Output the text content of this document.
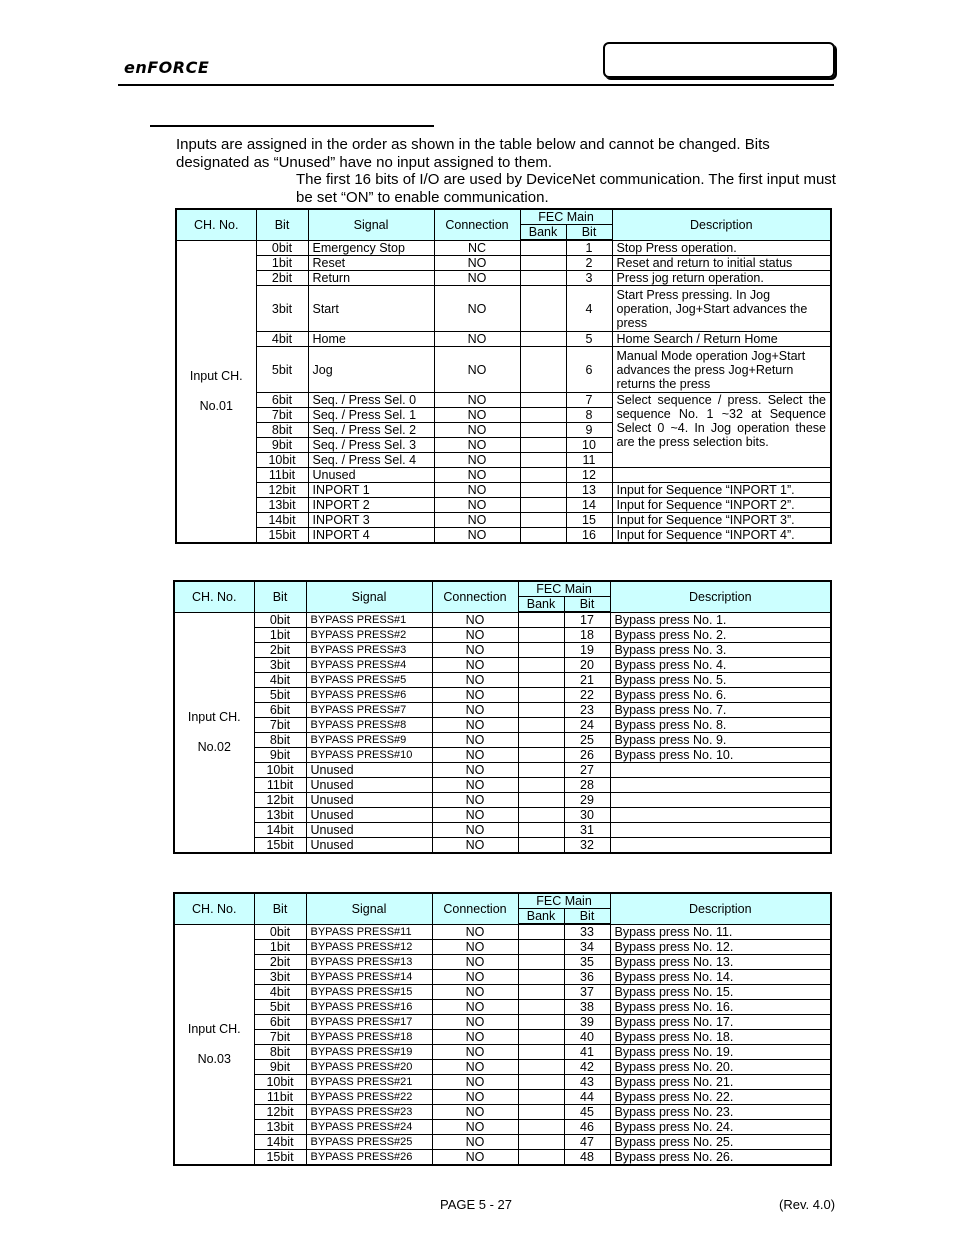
enFORCE

Inputs are assigned in the order as shown in the table below and cannot be changed. Bits designated as “Unused” have no input assigned to them.

The first 16 bits of I/O are used by DeviceNet communication. The first input must be set “ON” to enable communication.

CH. No.	Bit	Signal	Connection	FEC Main		Description
				Bank	Bit	

Input CH.
No.01	0bit	Emergency Stop	NC		1	Stop Press operation.
	1bit	Reset	NO		2	Reset and return to initial status
	2bit	Return	NO		3	Press jog return operation.
	3bit	Start	NO		4	Start Press pressing. In Jog operation, Jog+Start advances the press
	4bit	Home	NO		5	Home Search / Return Home
	5bit	Jog	NO		6	Manual Mode operation Jog+Start advances the press Jog+Return returns the press
	6bit	Seq. / Press Sel. 0	NO		7	Select sequence / press. Select the sequence No. 1 ~32 at Sequence Select 0 ~4. In Jog operation these are the press selection bits.
	7bit	Seq. / Press Sel. 1	NO		8	
	8bit	Seq. / Press Sel. 2	NO		9	
	9bit	Seq. / Press Sel. 3	NO		10	
	10bit	Seq. / Press Sel. 4	NO		11	
	11bit	Unused	NO		12	
	12bit	INPORT 1	NO		13	Input for Sequence “INPORT 1”.
	13bit	INPORT 2	NO		14	Input for Sequence “INPORT 2”.
	14bit	INPORT 3	NO		15	Input for Sequence “INPORT 3”.
	15bit	INPORT 4	NO		16	Input for Sequence “INPORT 4”.
CH. No.	Bit	Signal	Connection	FEC Main		Description
				Bank	Bit	

Input CH.
No.02	0bit	BYPASS PRESS#1	NO		17	Bypass press No. 1.
	1bit	BYPASS PRESS#2	NO		18	Bypass press No. 2.
	2bit	BYPASS PRESS#3	NO		19	Bypass press No. 3.
	3bit	BYPASS PRESS#4	NO		20	Bypass press No. 4.
	4bit	BYPASS PRESS#5	NO		21	Bypass press No. 5.
	5bit	BYPASS PRESS#6	NO		22	Bypass press No. 6.
	6bit	BYPASS PRESS#7	NO		23	Bypass press No. 7.
	7bit	BYPASS PRESS#8	NO		24	Bypass press No. 8.
	8bit	BYPASS PRESS#9	NO		25	Bypass press No. 9.
	9bit	BYPASS PRESS#10	NO		26	Bypass press No. 10.
	10bit	Unused	NO		27	
	11bit	Unused	NO		28	
	12bit	Unused	NO		29	
	13bit	Unused	NO		30	
	14bit	Unused	NO		31	
	15bit	Unused	NO		32	
CH. No.	Bit	Signal	Connection	FEC Main		Description
				Bank	Bit	

Input CH.
No.03	0bit	BYPASS PRESS#11	NO		33	Bypass press No. 11.
	1bit	BYPASS PRESS#12	NO		34	Bypass press No. 12.
	2bit	BYPASS PRESS#13	NO		35	Bypass press No. 13.
	3bit	BYPASS PRESS#14	NO		36	Bypass press No. 14.
	4bit	BYPASS PRESS#15	NO		37	Bypass press No. 15.
	5bit	BYPASS PRESS#16	NO		38	Bypass press No. 16.
	6bit	BYPASS PRESS#17	NO		39	Bypass press No. 17.
	7bit	BYPASS PRESS#18	NO		40	Bypass press No. 18.
	8bit	BYPASS PRESS#19	NO		41	Bypass press No. 19.
	9bit	BYPASS PRESS#20	NO		42	Bypass press No. 20.
	10bit	BYPASS PRESS#21	NO		43	Bypass press No. 21.
	11bit	BYPASS PRESS#22	NO		44	Bypass press No. 22.
	12bit	BYPASS PRESS#23	NO		45	Bypass press No. 23.
	13bit	BYPASS PRESS#24	NO		46	Bypass press No. 24.
	14bit	BYPASS PRESS#25	NO		47	Bypass press No. 25.
	15bit	BYPASS PRESS#26	NO		48	Bypass press No. 26.
PAGE 5 - 27	(Rev. 4.0)
